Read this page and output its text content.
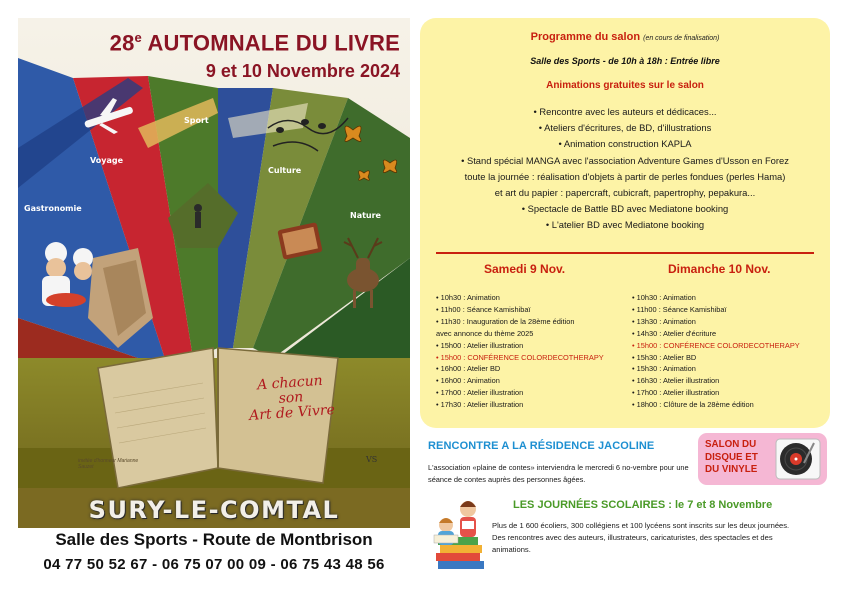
28e AUTOMNALE DU LIVRE
9 et 10 Novembre 2024
Gastronomie
Voyage
Sport
Culture
Nature
A chacun
son
Art de Vivre
invitée d'honneur Marianne Sauzet
VS
SURY-LE-COMTAL
Salle des Sports - Route de Montbrison
04 77 50 52 67 - 06 75 07 00 09 - 06 75 43 48 56
Programme du salon (en cours de finalisation)
Salle des Sports - de 10h à 18h : Entrée libre
Animations gratuites sur le salon
• Rencontre avec les auteurs et dédicaces...
• Ateliers d'écritures, de BD, d'illustrations
• Animation construction KAPLA
• Stand spécial MANGA avec l'association Adventure Games d'Usson en Forez
toute la journée : réalisation d'objets à partir de perles fondues (perles Hama)
et art du papier : papercraft, cubicraft, papertrophy, pepakura...
• Spectacle de Battle BD avec Mediatone booking
• L'atelier BD avec Mediatone booking
Samedi 9 Nov.	Dimanche 10 Nov.
• 10h30 : Animation
• 11h00 : Séance Kamishibaï
• 11h30 : Inauguration de la 28ème édition
avec annonce du thème 2025
• 15h00 : Atelier illustration
• 15h00 : CONFÉRENCE COLORDECOTHERAPY
• 16h00 : Atelier BD
• 16h00 : Animation
• 17h00 : Atelier illustration
• 17h30 : Atelier illustration
• 10h30 : Animation
• 11h00 : Séance Kamishibaï
• 13h30 : Animation
• 14h30 : Atelier d'écriture
• 15h00 : CONFÉRENCE COLORDECOTHERAPY
• 15h30 : Atelier BD
• 15h30 : Animation
• 16h30 : Atelier illustration
• 17h00 : Atelier illustration
• 18h00 : Clôture de la 28ème édition
RENCONTRE A LA RÉSIDENCE JACOLINE
L'association «plaine de contes» interviendra le mercredi 6 no-vembre pour une séance de contes auprès des personnes âgées.
SALON DU
DISQUE ET
DU VINYLE
LES JOURNÉES SCOLAIRES : le 7 et 8 Novembre
Plus de 1 600 écoliers, 300 collégiens et 100 lycéens sont inscrits sur les deux journées.
Des rencontres avec des auteurs, illustrateurs, caricaturistes, des spectacles et des animations.
